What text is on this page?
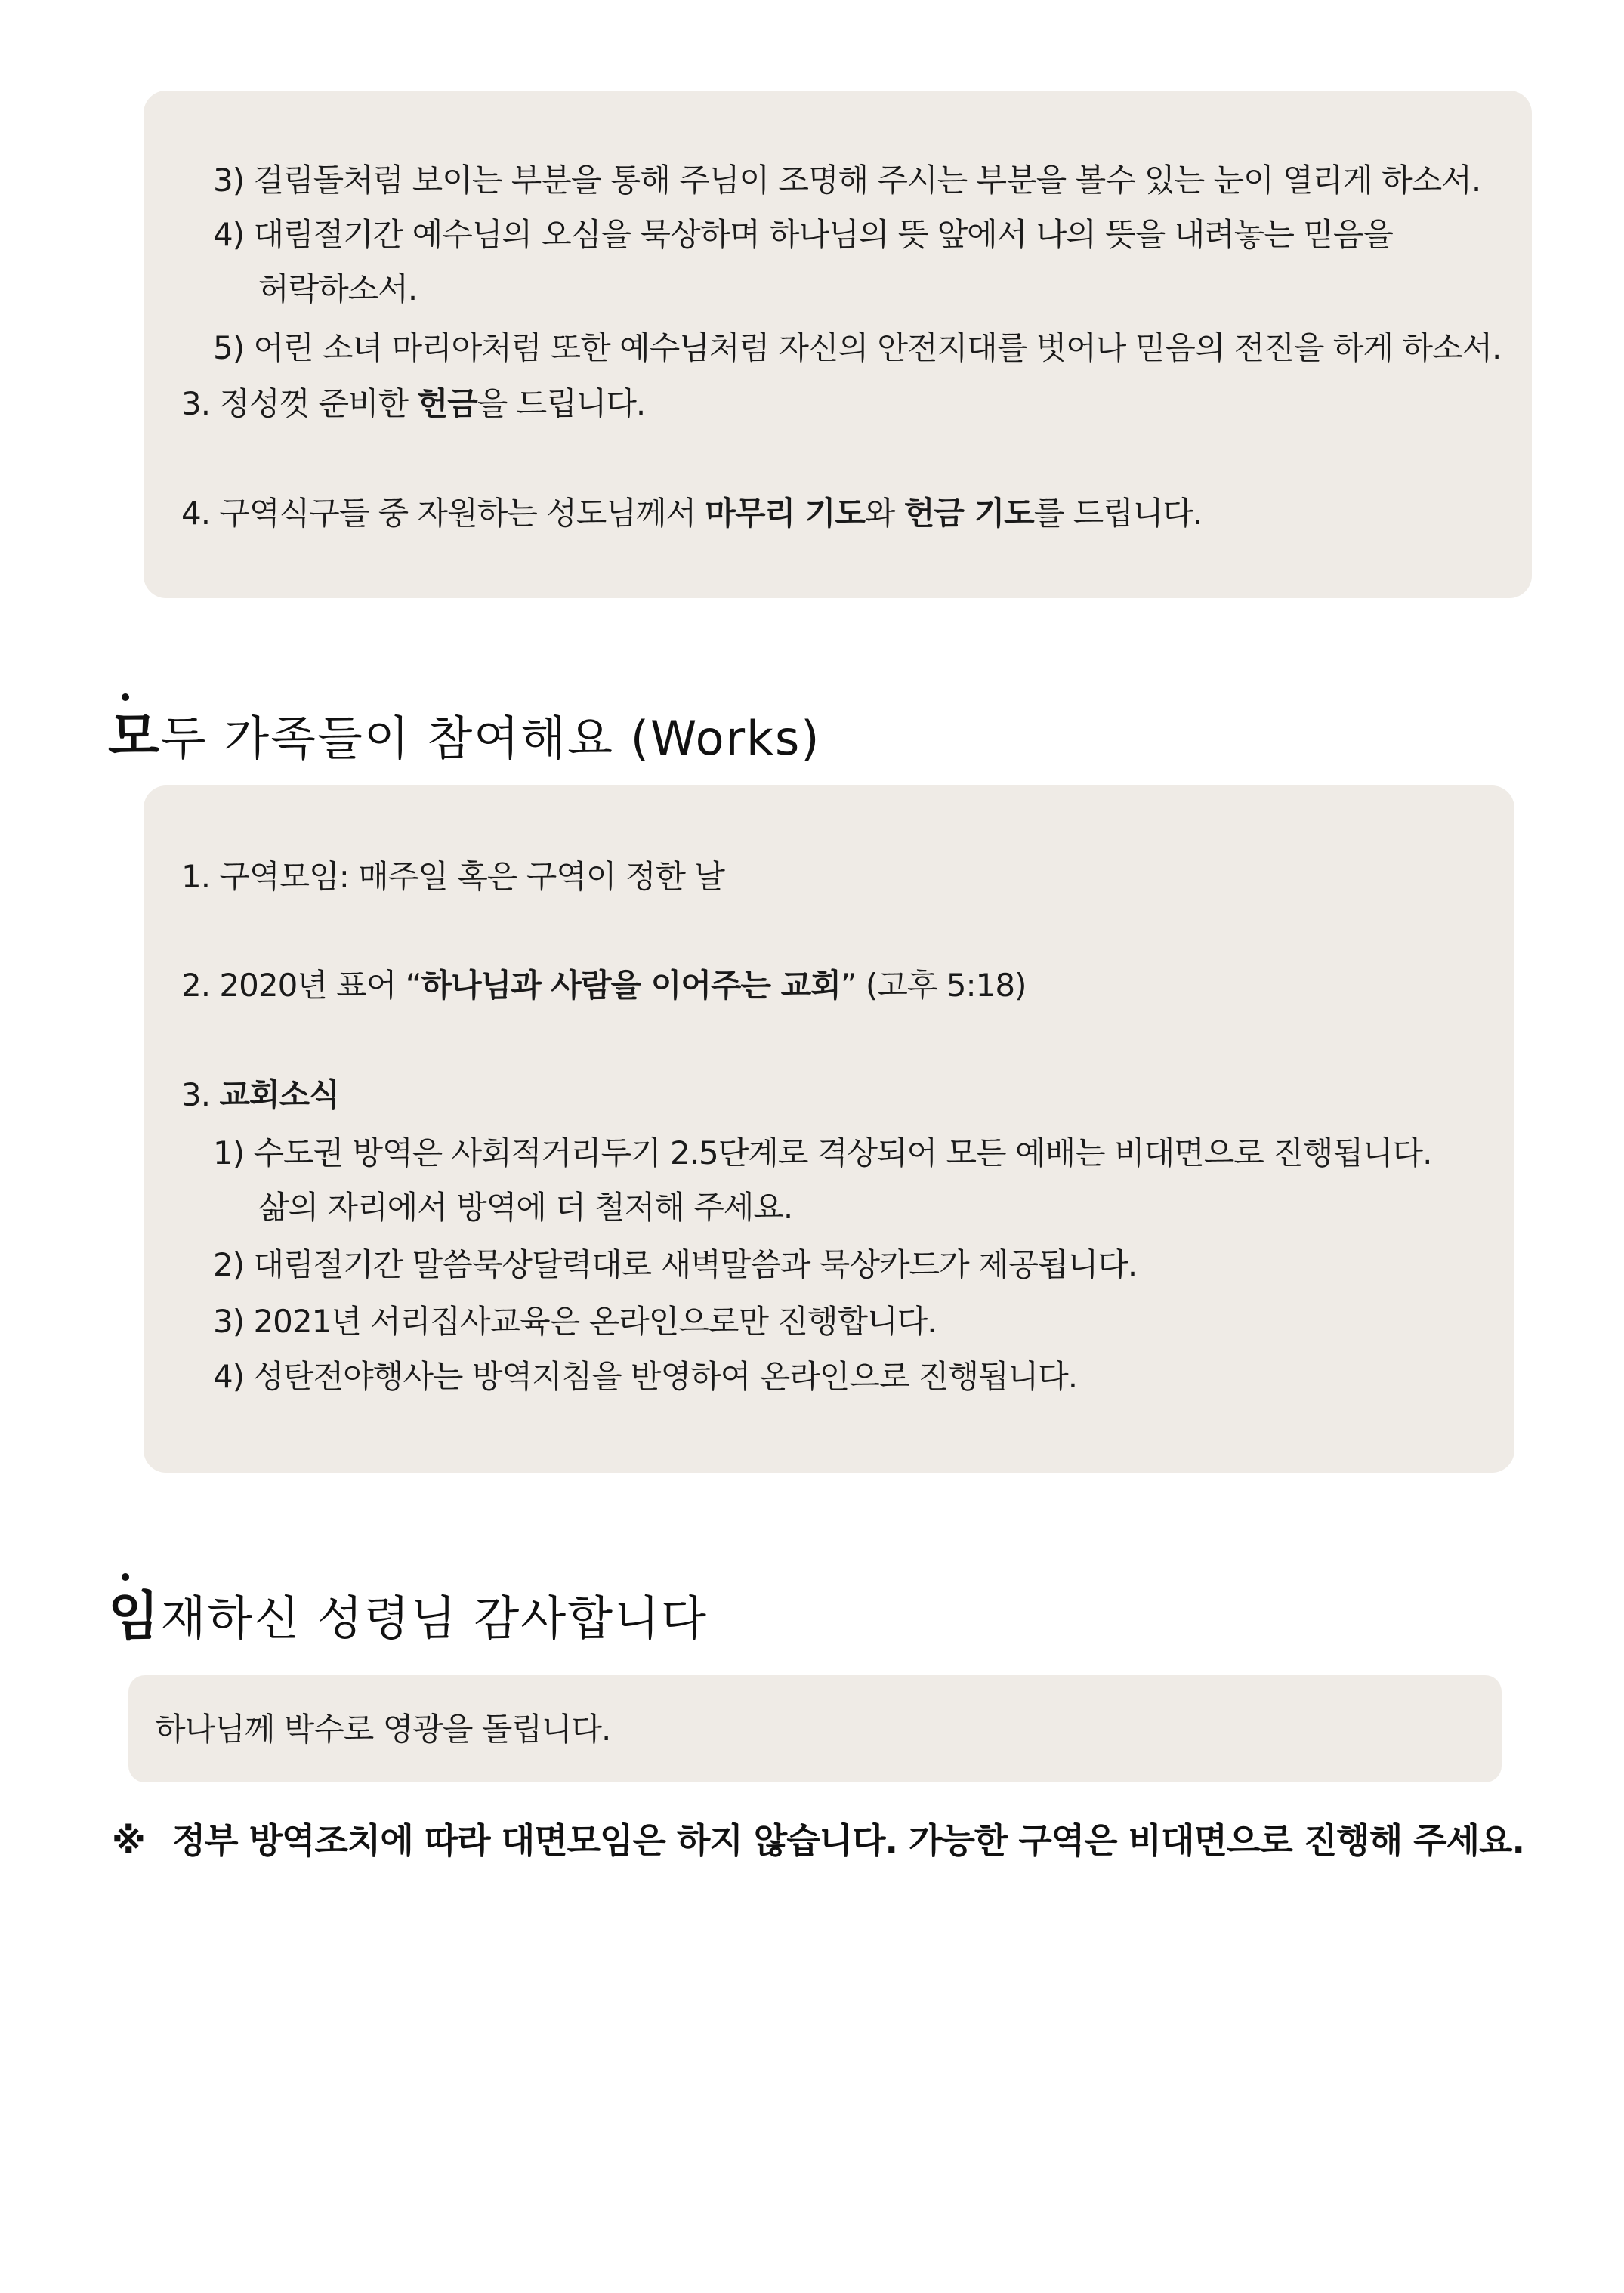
3) 걸림돌처럼 보이는 부분을 통해 주님이 조명해 주시는 부분을 볼수 있는 눈이 열리게 하소서.
4) 대림절기간 예수님의 오심을 묵상하며 하나님의 뜻 앞에서 나의 뜻을 내려놓는 믿음을
허락하소서.
5) 어린 소녀 마리아처럼 또한 예수님처럼 자신의 안전지대를 벗어나 믿음의 전진을 하게 하소서.
3. 정성껏 준비한 헌금을 드립니다.
4. 구역식구들 중 자원하는 성도님께서 마무리 기도와 헌금 기도를 드립니다.
모두 가족들이 참여해요 (Works)
1. 구역모임: 매주일 혹은 구역이 정한 날
2. 2020년 표어 “하나님과 사람을 이어주는 교회” (고후 5:18)
3. 교회소식
1) 수도권 방역은 사회적거리두기 2.5단계로 격상되어 모든 예배는 비대면으로 진행됩니다.
삶의 자리에서 방역에 더 철저해 주세요.
2) 대림절기간 말씀묵상달력대로 새벽말씀과 묵상카드가 제공됩니다.
3) 2021년 서리집사교육은 온라인으로만 진행합니다.
4) 성탄전야행사는 방역지침을 반영하여 온라인으로 진행됩니다.
임재하신 성령님 감사합니다
하나님께 박수로 영광을 돌립니다.
※ 정부 방역조치에 따라 대면모임은 하지 않습니다. 가능한 구역은 비대면으로 진행해 주세요.
